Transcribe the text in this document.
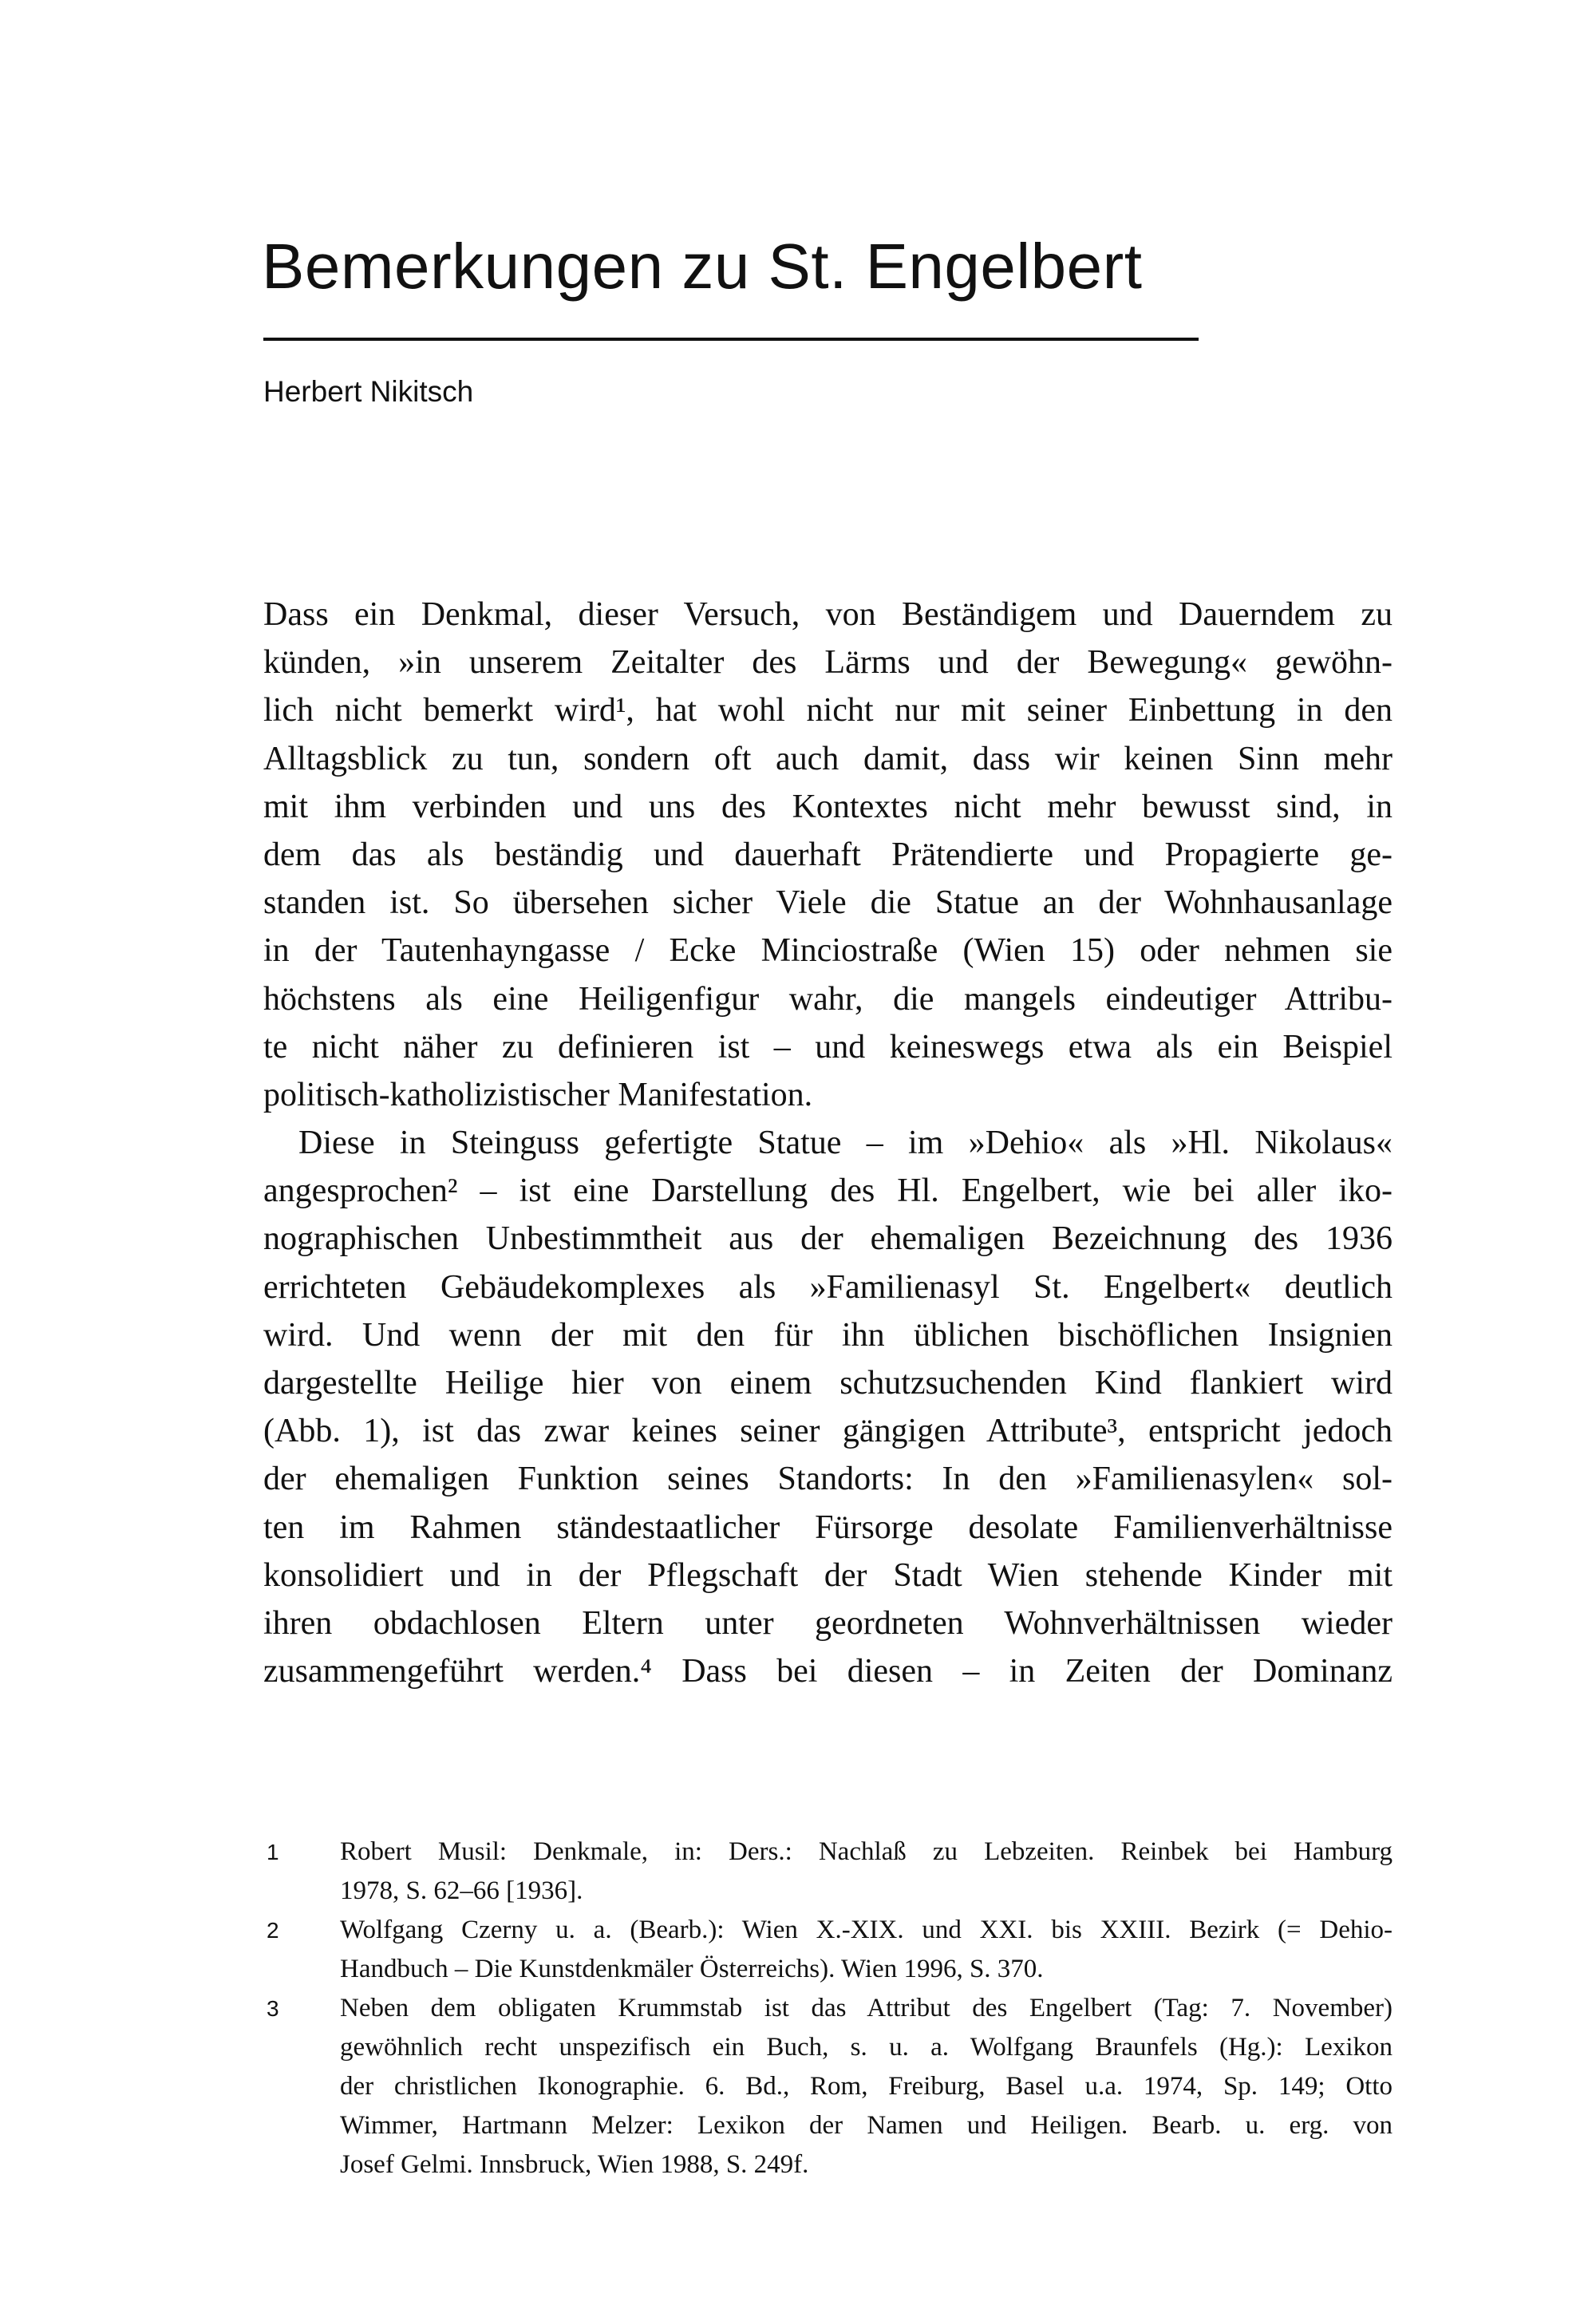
Bemerkungen zu St. Engelbert
Herbert Nikitsch
Dass ein Denkmal, dieser Versuch, von Beständigem und Dauerndem zu
künden, »in unserem Zeitalter des Lärms und der Bewegung« gewöhn-
lich nicht bemerkt wird¹, hat wohl nicht nur mit seiner Einbettung in den
Alltagsblick zu tun, sondern oft auch damit, dass wir keinen Sinn mehr
mit ihm verbinden und uns des Kontextes nicht mehr bewusst sind, in
dem das als beständig und dauerhaft Prätendierte und Propagierte ge-
standen ist. So übersehen sicher Viele die Statue an der Wohnhausanlage
in der Tautenhayngasse / Ecke Minciostraße (Wien 15) oder nehmen sie
höchstens als eine Heiligenfigur wahr, die mangels eindeutiger Attribu-
te nicht näher zu definieren ist – und keineswegs etwa als ein Beispiel
politisch-katholizistischer Manifestation.
Diese in Steinguss gefertigte Statue – im »Dehio« als »Hl. Nikolaus«
angesprochen² – ist eine Darstellung des Hl. Engelbert, wie bei aller iko-
nographischen Unbestimmtheit aus der ehemaligen Bezeichnung des 1936
errichteten Gebäudekomplexes als »Familienasyl St. Engelbert« deutlich
wird. Und wenn der mit den für ihn üblichen bischöflichen Insignien
dargestellte Heilige hier von einem schutzsuchenden Kind flankiert wird
(Abb. 1), ist das zwar keines seiner gängigen Attribute³, entspricht jedoch
der ehemaligen Funktion seines Standorts: In den »Familienasylen« sol-
ten im Rahmen ständestaatlicher Fürsorge desolate Familienverhältnisse
konsolidiert und in der Pflegschaft der Stadt Wien stehende Kinder mit
ihren obdachlosen Eltern unter geordneten Wohnverhältnissen wieder
zusammengeführt werden.⁴ Dass bei diesen – in Zeiten der Dominanz
1	Robert Musil: Denkmale, in: Ders.: Nachlaß zu Lebzeiten. Reinbek bei Hamburg
1978, S. 62–66 [1936].
2	Wolfgang Czerny u. a. (Bearb.): Wien X.-XIX. und XXI. bis XXIII. Bezirk (= Dehio-
Handbuch – Die Kunstdenkmäler Österreichs). Wien 1996, S. 370.
3	Neben dem obligaten Krummstab ist das Attribut des Engelbert (Tag: 7. November)
gewöhnlich recht unspezifisch ein Buch, s. u. a. Wolfgang Braunfels (Hg.): Lexikon
der christlichen Ikonographie. 6. Bd., Rom, Freiburg, Basel u.a. 1974, Sp. 149; Otto
Wimmer, Hartmann Melzer: Lexikon der Namen und Heiligen. Bearb. u. erg. von
Josef Gelmi. Innsbruck, Wien 1988, S. 249f.
